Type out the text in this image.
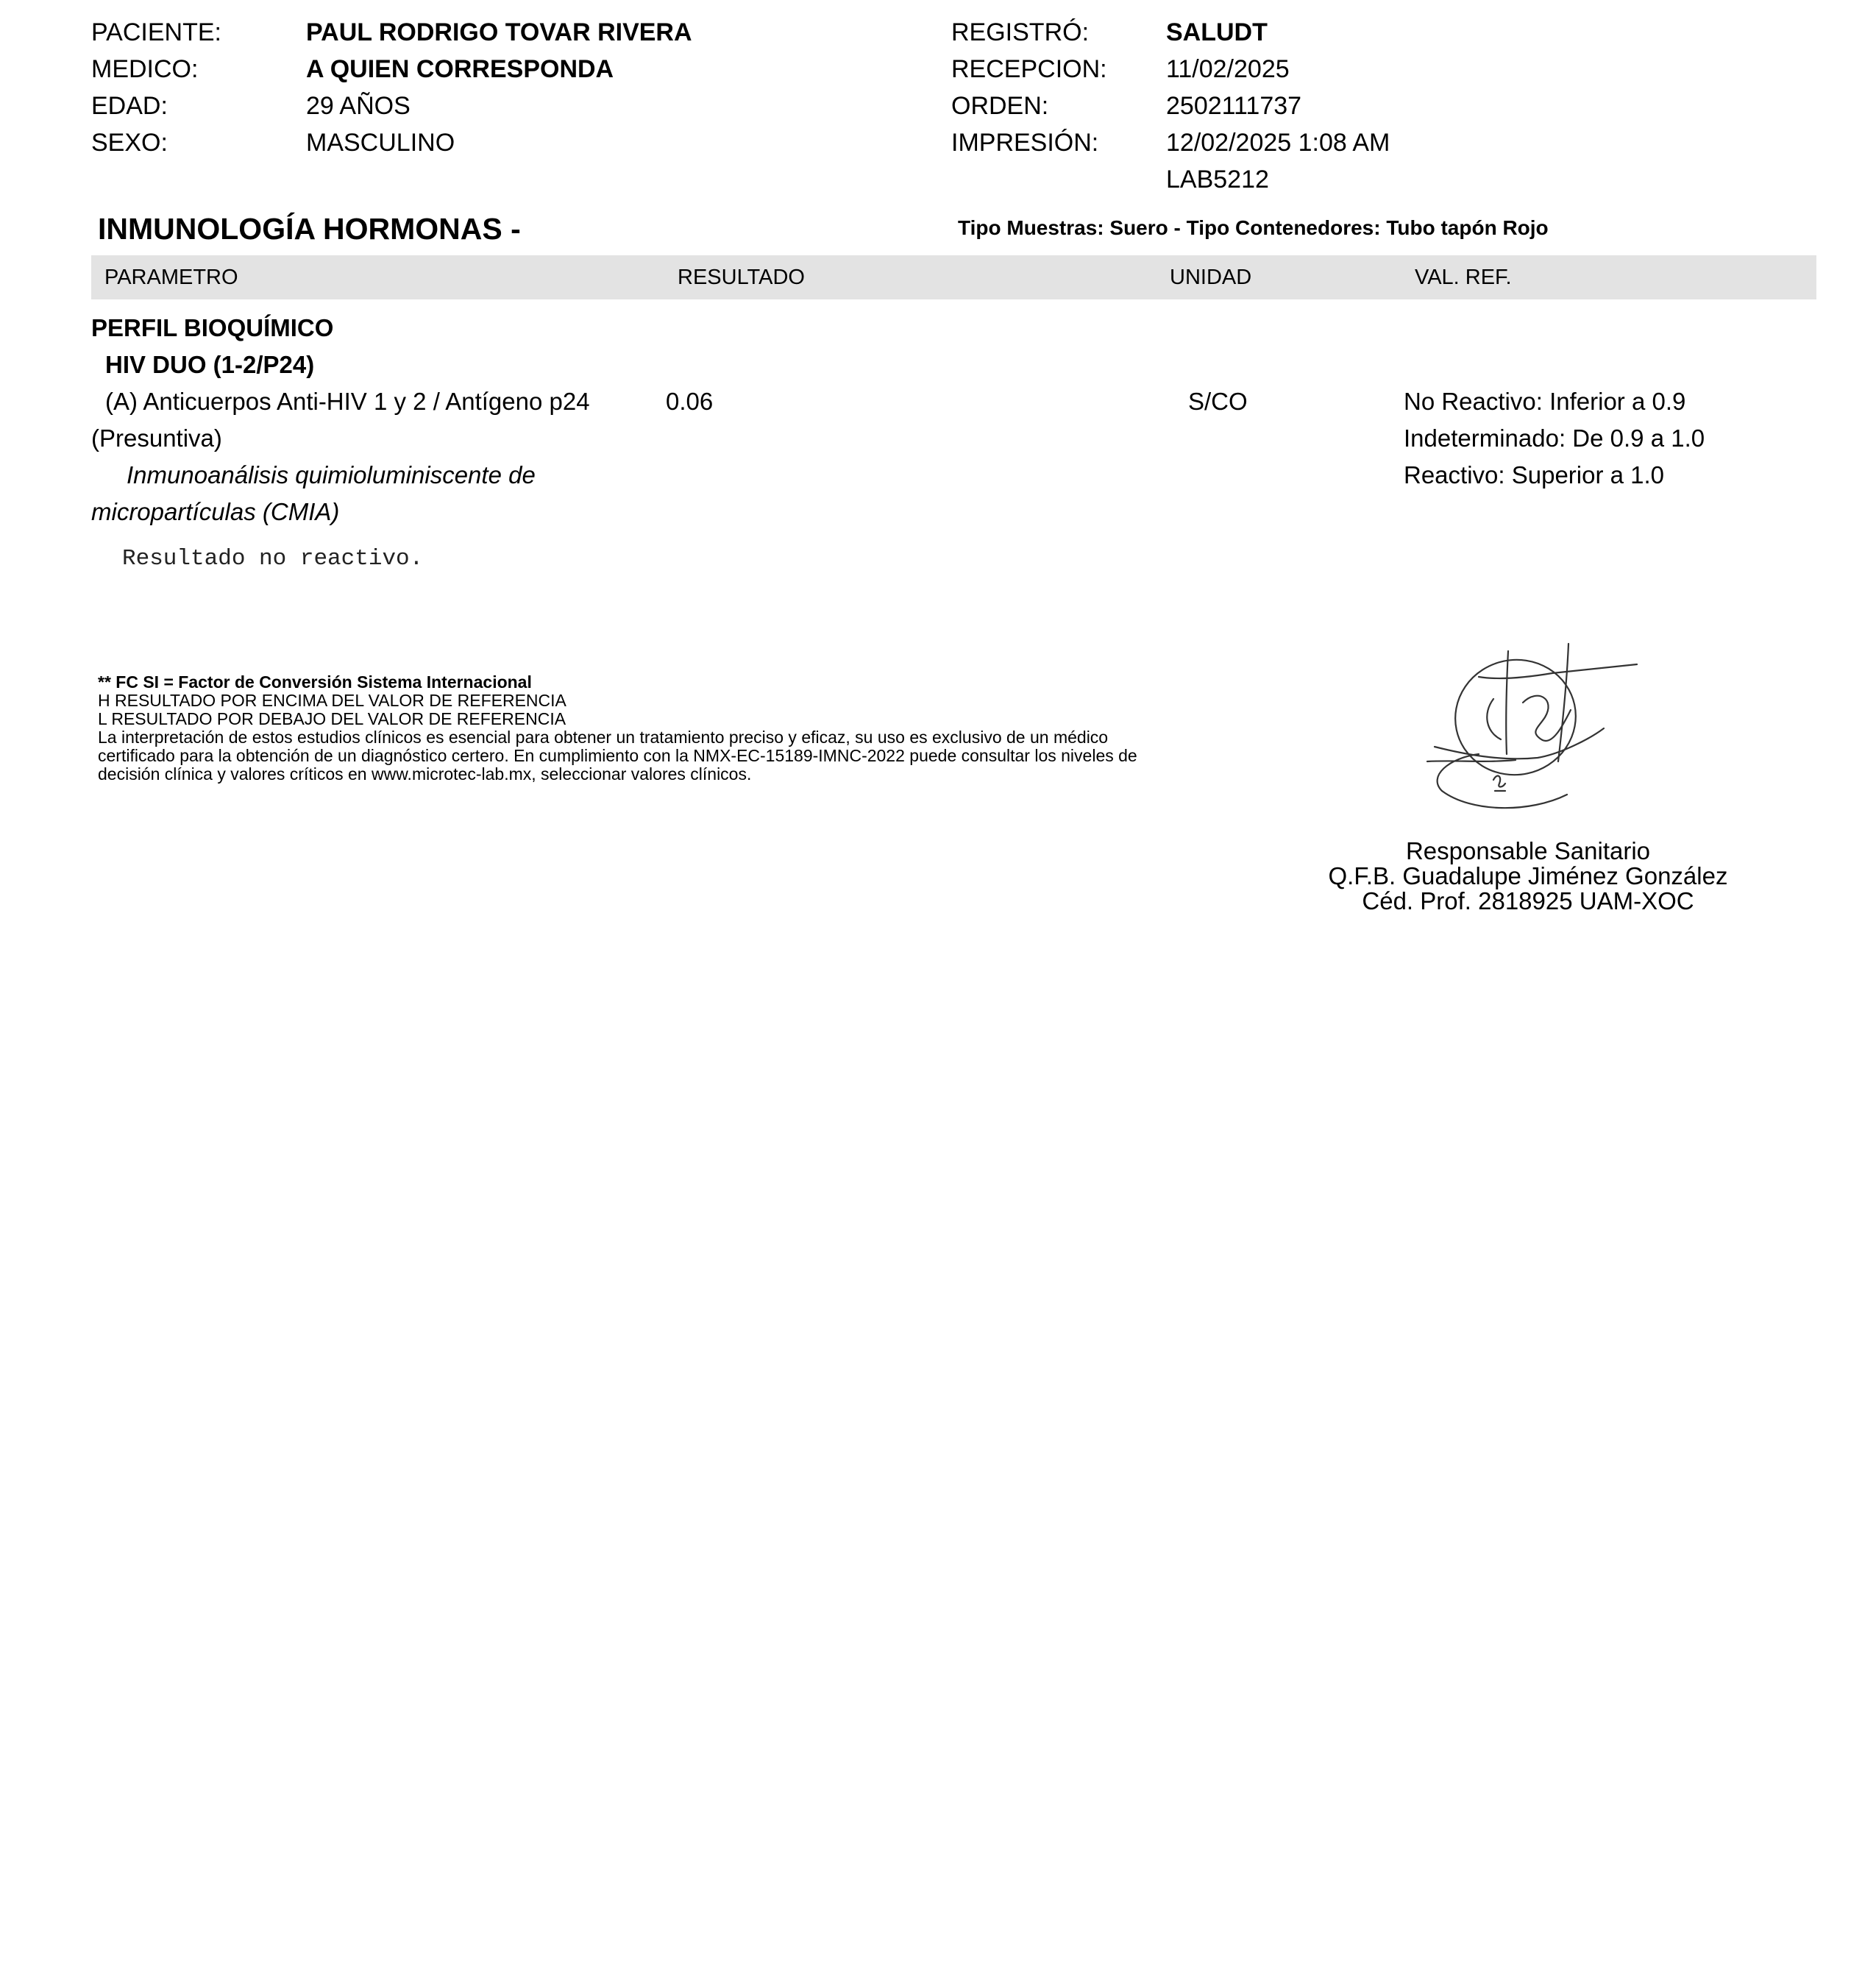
PACIENTE:	PAUL RODRIGO TOVAR RIVERA
MEDICO:	A QUIEN CORRESPONDA
EDAD:	29 AÑOS
SEXO:	MASCULINO
REGISTRÓ:	SALUDT
RECEPCION: 11/02/2025
ORDEN:	2502111737
IMPRESIÓN:	12/02/2025 1:08 AM
LAB5212
INMUNOLOGÍA HORMONAS -	Tipo Muestras: Suero - Tipo Contenedores: Tubo tapón Rojo
PARAMETRO	RESULTADO	UNIDAD	VAL. REF.
PERFIL BIOQUÍMICO
HIV DUO (1-2/P24)
(A) Anticuerpos Anti-HIV 1 y 2 / Antígeno p24
(Presuntiva)
Inmunoanálisis quimioluminiscente de
micropartículas (CMIA)
0.06	S/CO	No Reactivo: Inferior a 0.9
Indeterminado: De 0.9 a 1.0
Reactivo: Superior a 1.0
Resultado no reactivo.
** FC SI = Factor de Conversión Sistema Internacional
H RESULTADO POR ENCIMA DEL VALOR DE REFERENCIA
L RESULTADO POR DEBAJO DEL VALOR DE REFERENCIA
La interpretación de estos estudios clínicos es esencial para obtener un tratamiento preciso y eficaz, su uso es exclusivo de un médico
certificado para la obtención de un diagnóstico certero. En cumplimiento con la NMX-EC-15189-IMNC-2022 puede consultar los niveles de
decisión clínica y valores críticos en www.microtec-lab.mx, seleccionar valores clínicos.
Responsable Sanitario
Q.F.B. Guadalupe Jiménez González
Céd. Prof. 2818925 UAM-XOC
